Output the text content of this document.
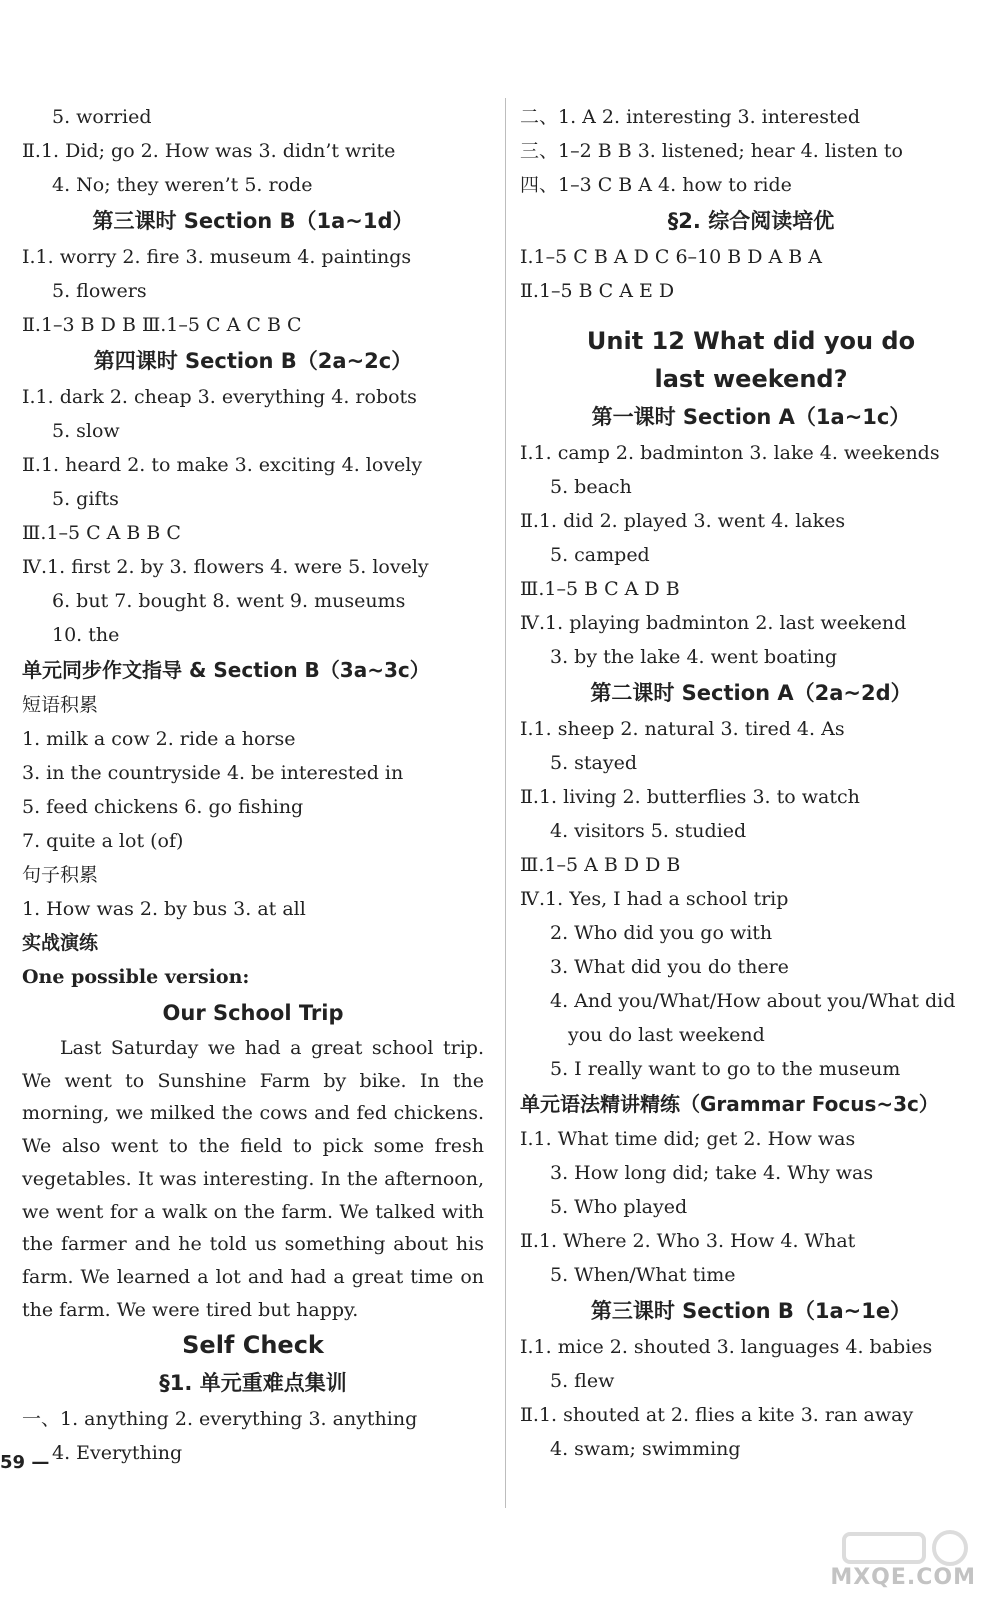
5. worried
Ⅱ.1. Did; go 2. How was 3. didn’t write
4. No; they weren’t 5. rode
第三课时 Section B（1a~1d）
Ⅰ.1. worry 2. fire 3. museum 4. paintings
5. flowers
Ⅱ.1–3 B D B Ⅲ.1–5 C A C B C
第四课时 Section B（2a~2c）
Ⅰ.1. dark 2. cheap 3. everything 4. robots
5. slow
Ⅱ.1. heard 2. to make 3. exciting 4. lovely
5. gifts
Ⅲ.1–5 C A B B C
Ⅳ.1. first 2. by 3. flowers 4. were 5. lovely
6. but 7. bought 8. went 9. museums
10. the
单元同步作文指导 & Section B（3a~3c）
短语积累
1. milk a cow 2. ride a horse
3. in the countryside 4. be interested in
5. feed chickens 6. go fishing
7. quite a lot (of)
句子积累
1. How was 2. by bus 3. at all
实战演练
One possible version:
Our School Trip

Last Saturday we had a great school trip. We went to Sunshine Farm by bike. In the morning, we milked the cows and fed chickens. We also went to the field to pick some fresh vegetables. It was interesting. In the afternoon, we went for a walk on the farm. We talked with the farmer and he told us something about his farm. We learned a lot and had a great time on the farm. We were tired but happy.

Self Check
§1. 单元重难点集训
一、1. anything 2. everything 3. anything
4. Everything
二、1. A 2. interesting 3. interested
三、1–2 B B 3. listened; hear 4. listen to
四、1–3 C B A 4. how to ride
§2. 综合阅读培优
Ⅰ.1–5 C B A D C 6–10 B D A B A
Ⅱ.1–5 B C A E D
Unit 12 What did you do
last weekend?
第一课时 Section A（1a~1c）
Ⅰ.1. camp 2. badminton 3. lake 4. weekends
5. beach
Ⅱ.1. did 2. played 3. went 4. lakes
5. camped
Ⅲ.1–5 B C A D B
Ⅳ.1. playing badminton 2. last weekend
3. by the lake 4. went boating
第二课时 Section A（2a~2d）
Ⅰ.1. sheep 2. natural 3. tired 4. As
5. stayed
Ⅱ.1. living 2. butterflies 3. to watch
4. visitors 5. studied
Ⅲ.1–5 A B D D B
Ⅳ.1. Yes, I had a school trip
2. Who did you go with
3. What did you do there
4. And you/What/How about you/What did
you do last weekend
5. I really want to go to the museum
单元语法精讲精练（Grammar Focus~3c）
Ⅰ.1. What time did; get 2. How was
3. How long did; take 4. Why was
5. Who played
Ⅱ.1. Where 2. Who 3. How 4. What
5. When/What time
第三课时 Section B（1a~1e）
Ⅰ.1. mice 2. shouted 3. languages 4. babies
5. flew
Ⅱ.1. shouted at 2. flies a kite 3. ran away
4. swam; swimming
59 —
MXQE.COM
